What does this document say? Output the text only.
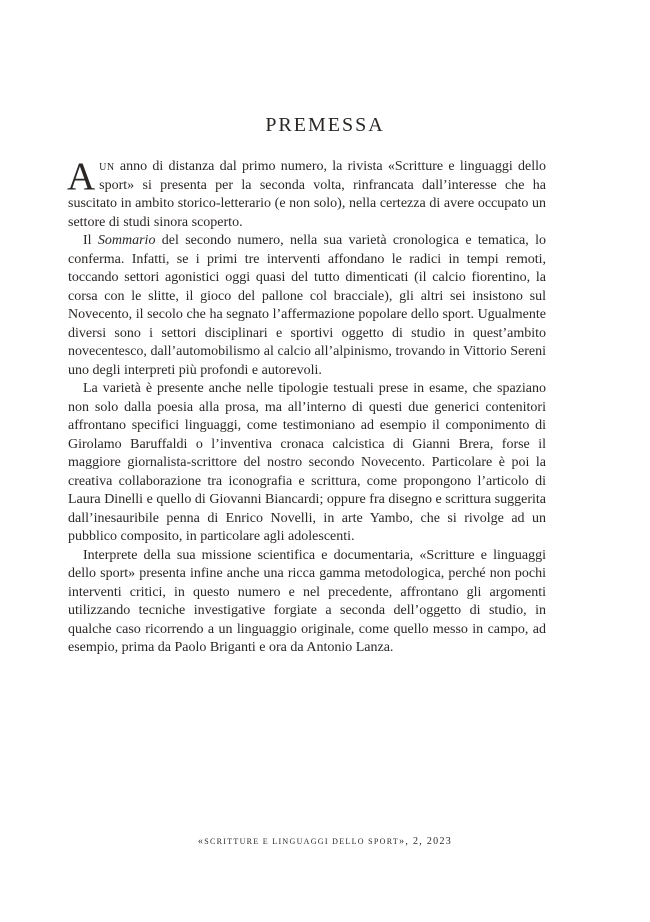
PREMESSA

Aun anno di distanza dal primo numero, la rivista «Scritture e linguaggi dello sport» si presenta per la seconda volta, rinfrancata dall’interesse che ha suscitato in ambito storico-letterario (e non solo), nella certezza di avere occupato un settore di studi sinora scoperto.

Il Sommario del secondo numero, nella sua varietà cronologica e tematica, lo conferma. Infatti, se i primi tre interventi affondano le radici in tempi remoti, toccando settori agonistici oggi quasi del tutto dimenticati (il calcio fiorentino, la corsa con le slitte, il gioco del pallone col bracciale), gli altri sei insistono sul Novecento, il secolo che ha segnato l’affermazione popolare dello sport. Ugualmente diversi sono i settori disciplinari e sportivi oggetto di studio in quest’ambito novecentesco, dall’automobilismo al calcio all’alpinismo, trovando in Vittorio Sereni uno degli interpreti più profondi e autorevoli.

La varietà è presente anche nelle tipologie testuali prese in esame, che spaziano non solo dalla poesia alla prosa, ma all’interno di questi due generici contenitori affrontano specifici linguaggi, come testimoniano ad esempio il componimento di Girolamo Baruffaldi o l’inventiva cronaca calcistica di Gianni Brera, forse il maggiore giornalista-scrittore del nostro secondo Novecento. Particolare è poi la creativa collaborazione tra iconografia e scrittura, come propongono l’articolo di Laura Dinelli e quello di Giovanni Biancardi; oppure fra disegno e scrittura suggerita dall’inesauribile penna di Enrico Novelli, in arte Yambo, che si rivolge ad un pubblico composito, in particolare agli adolescenti.

Interprete della sua missione scientifica e documentaria, «Scritture e linguaggi dello sport» presenta infine anche una ricca gamma metodologica, perché non pochi interventi critici, in questo numero e nel precedente, affrontano gli argomenti utilizzando tecniche investigative forgiate a seconda dell’oggetto di studio, in qualche caso ricorrendo a un linguaggio originale, come quello messo in campo, ad esempio, prima da Paolo Briganti e ora da Antonio Lanza.

«SCRITTURE E LINGUAGGI DELLO SPORT», 2, 2023
